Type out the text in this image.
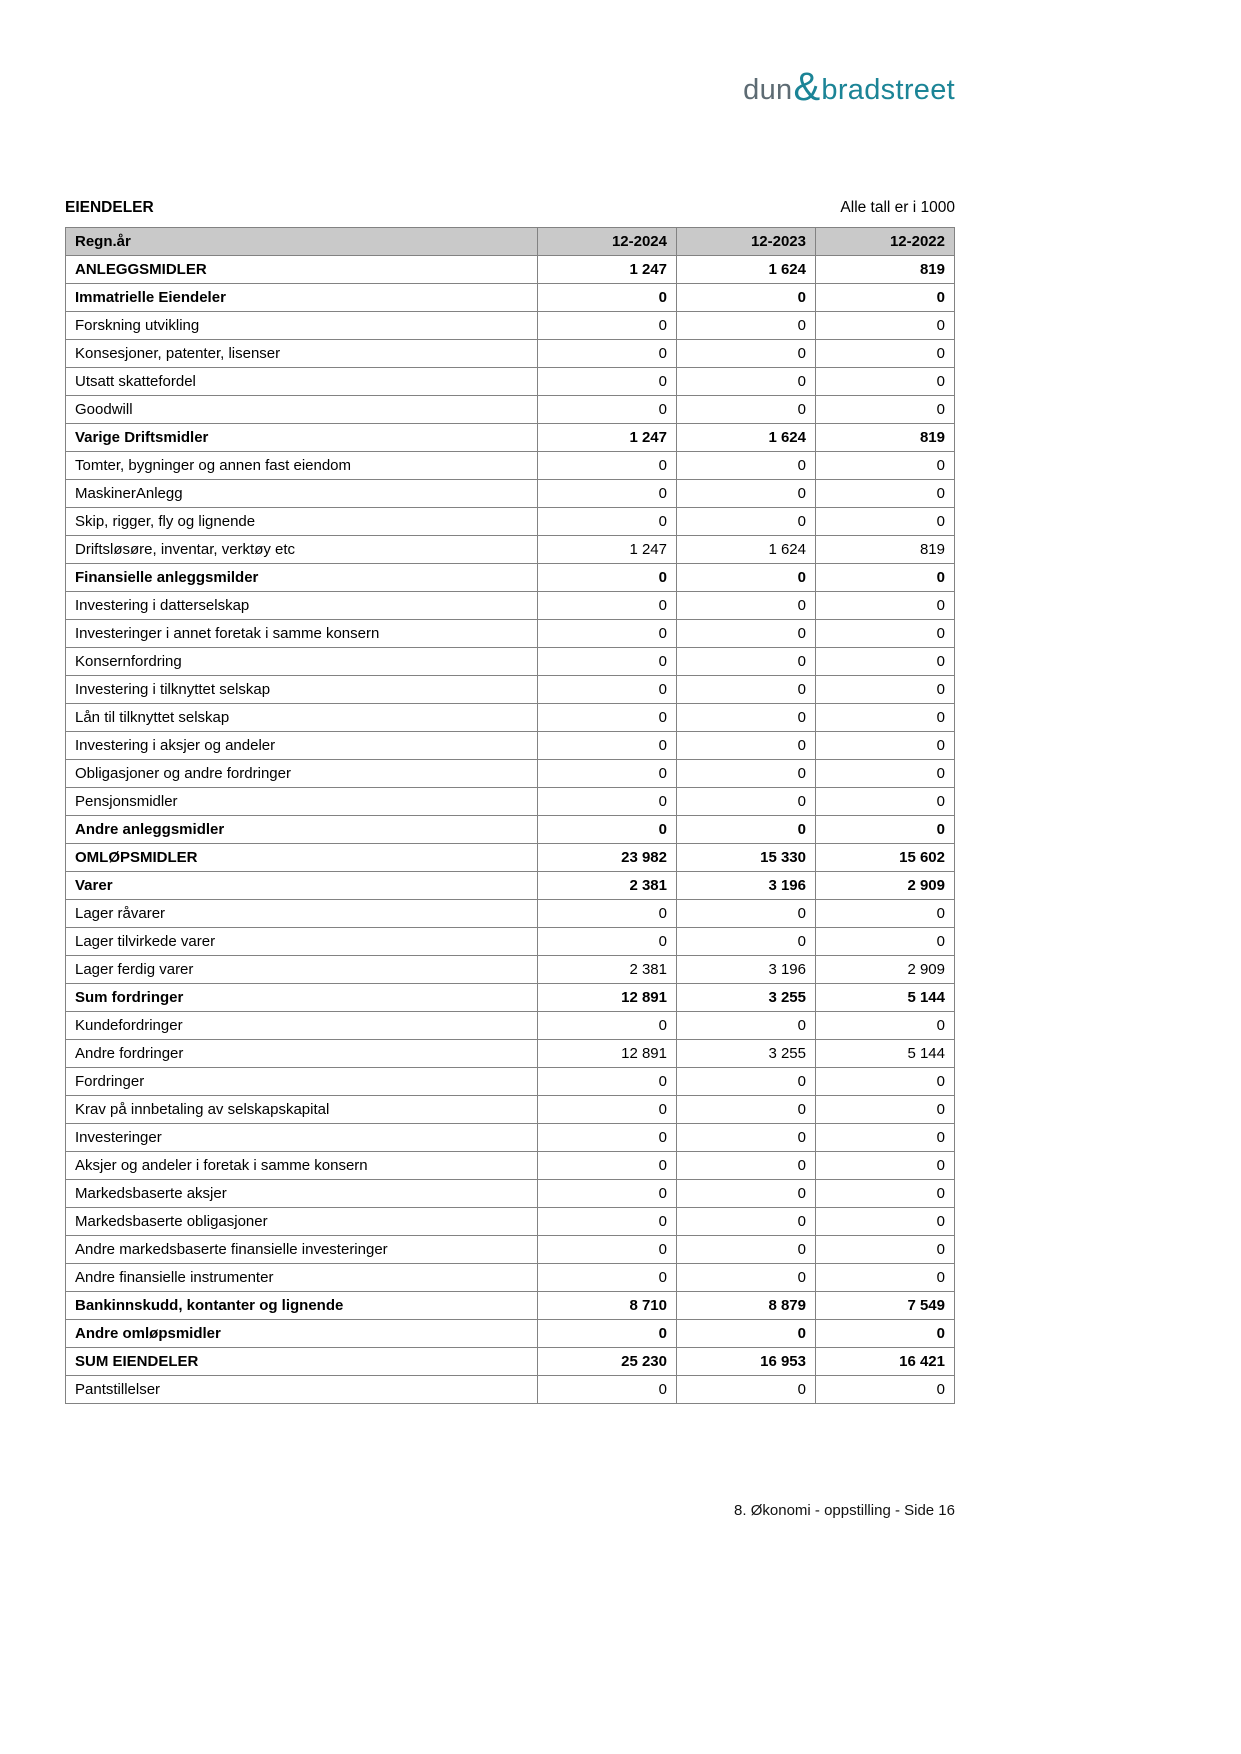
dun & bradstreet
EIENDELER	Alle tall er i 1000
Regn.år	12-2024	12-2023	12-2022
ANLEGGSMIDLER	1 247	1 624	819
Immatrielle Eiendeler	0	0	0
Forskning utvikling	0	0	0
Konsesjoner, patenter, lisenser	0	0	0
Utsatt skattefordel	0	0	0
Goodwill	0	0	0
Varige Driftsmidler	1 247	1 624	819
Tomter, bygninger og annen fast eiendom	0	0	0
MaskinerAnlegg	0	0	0
Skip, rigger, fly og lignende	0	0	0
Driftsløsøre, inventar, verktøy etc	1 247	1 624	819
Finansielle anleggsmilder	0	0	0
Investering i datterselskap	0	0	0
Investeringer i annet foretak i samme konsern	0	0	0
Konsernfordring	0	0	0
Investering i tilknyttet selskap	0	0	0
Lån til tilknyttet selskap	0	0	0
Investering i aksjer og andeler	0	0	0
Obligasjoner og andre fordringer	0	0	0
Pensjonsmidler	0	0	0
Andre anleggsmidler	0	0	0
OMLØPSMIDLER	23 982	15 330	15 602
Varer	2 381	3 196	2 909
Lager råvarer	0	0	0
Lager tilvirkede varer	0	0	0
Lager ferdig varer	2 381	3 196	2 909
Sum fordringer	12 891	3 255	5 144
Kundefordringer	0	0	0
Andre fordringer	12 891	3 255	5 144
Fordringer	0	0	0
Krav på innbetaling av selskapskapital	0	0	0
Investeringer	0	0	0
Aksjer og andeler i foretak i samme konsern	0	0	0
Markedsbaserte aksjer	0	0	0
Markedsbaserte obligasjoner	0	0	0
Andre markedsbaserte finansielle investeringer	0	0	0
Andre finansielle instrumenter	0	0	0
Bankinnskudd, kontanter og lignende	8 710	8 879	7 549
Andre omløpsmidler	0	0	0
SUM EIENDELER	25 230	16 953	16 421
Pantstillelser	0	0	0
8. Økonomi - oppstilling - Side 16
